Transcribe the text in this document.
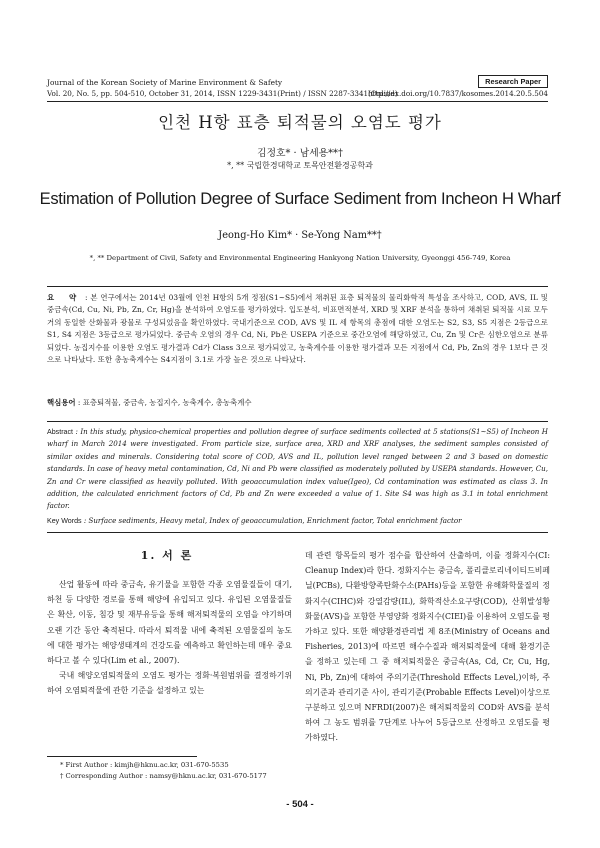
Journal of the Korean Society of Marine Environment & Safety
Vol. 20, No. 5, pp. 504-510, October 31, 2014, ISSN 1229-3431(Print) / ISSN 2287-3341(Online)
http://dx.doi.org/10.7837/kosomes.2014.20.5.504
Research Paper
인천 H항 표층 퇴적물의 오염도 평가
김정호* · 남세용**†
*, ** 국립한경대학교 토목안전환경공학과
Estimation of Pollution Degree of Surface Sediment from Incheon H Wharf
Jeong-Ho Kim* · Se-Yong Nam**†
*, ** Department of Civil, Safety and Environmental Engineering Hankyong Nation University, Gyeonggi 456-749, Korea
요 약 : 본 연구에서는 2014년 03월에 인천 H항의 5개 정점(S1~S5)에서 채취된 표층 퇴적물의 물리화학적 특성을 조사하고, COD, AVS, IL 및 중금속(Cd, Cu, Ni, Pb, Zn, Cr, Hg)을 분석하여 오염도를 평가하였다. 입도분석, 비표면적분석, XRD 및 XRF 분석을 통하여 채취된 퇴적물 시료 모두 거의 동일한 산화물과 광물로 구성되었음을 확인하였다. 국내기준으로 COD, AVS 및 IL 세 항목의 총점에 대한 오염도는 S2, S3, S5 지점은 2등급으로 S1, S4 지점은 3등급으로 평가되었다. 중금속 오염의 경우 Cd, Ni, Pb은 USEPA 기준으로 중간오염에 해당하였고, Cu, Zn 및 Cr은 심한오염으로 분류되었다. 농집지수를 이용한 오염도 평가결과 Cd가 Class 3으로 평가되었고, 농축계수를 이용한 평가결과 모든 지점에서 Cd, Pb, Zn의 경우 1보다 큰 것으로 나타났다. 또한 총농축계수는 S4지점이 3.1로 가장 높은 것으로 나타났다.
핵심용어 : 표층퇴적물, 중금속, 농집지수, 농축계수, 총농축계수
Abstract : In this study, physico-chemical properties and pollution degree of surface sediments collected at 5 stations(S1~S5) of Incheon H wharf in March 2014 were investigated. From particle size, surface area, XRD and XRF analyses, the sediment samples consisted of similar oxides and minerals. Considering total score of COD, AVS and IL, pollution level ranged between 2 and 3 based on domestic standards. In case of heavy metal contamination, Cd, Ni and Pb were classified as moderately polluted by USEPA standards. However, Cu, Zn and Cr were classified as heavily polluted. With geoaccumulation index value(Igeo), Cd contamination was estimated as class 3. In addition, the calculated enrichment factors of Cd, Pb and Zn were exceeded a value of 1. Site S4 was high as 3.1 in total enrichment factor.
Key Words : Surface sediments, Heavy metal, Index of geoaccumulation, Enrichment factor, Total enrichment factor
1. 서 론

산업 활동에 따라 중금속, 유기물을 포함한 각종 오염물질들이 대기, 하천 등 다양한 경로를 통해 해양에 유입되고 있다. 유입된 오염물질들은 확산, 이동, 침강 및 재부유등을 통해 해저퇴적물의 오염을 야기하며 오랜 기간 동안 축적된다. 따라서 퇴적물 내에 축적된 오염물질의 농도에 대한 평가는 해양생태계의 건강도를 예측하고 확인하는데 매우 중요하다고 볼 수 있다(Lim et al., 2007).

국내 해양오염퇴적물의 오염도 평가는 정화·복원범위를 결정하기위하여 오염퇴적물에 관한 기준을 설정하고 있는

데 관련 항목들의 평가 점수를 합산하여 산출하며, 이를 정화지수(CI: Cleanup Index)라 한다. 정화지수는 중금속, 폴리클로리네이티드비페닐(PCBs), 다환방향족탄화수소(PAHs)등을 포함한 유해화학물질의 정화지수(CIHC)와 강열감량(IL), 화학적산소요구량(COD), 산휘발성황화물(AVS)을 포함한 부영양화 정화지수(CIEI)를 이용하여 오염도를 평가하고 있다. 또한 해양환경관리법 제 8조(Ministry of Oceans and Fisheries, 2013)에 따르면 해수수질과 해저퇴적물에 대해 환경기준을 정하고 있는데 그 중 해저퇴적물은 중금속(As, Cd, Cr, Cu, Hg, Ni, Pb, Zn)에 대하여 주의기준(Threshold Effects Level,)이하, 주의기준과 관리기준 사이, 관리기준(Probable Effects Level)이상으로 구분하고 있으며 NFRDI(2007)은 해저퇴적물의 COD와 AVS를 분석하여 그 농도 범위를 7단계로 나누어 5등급으로 산정하고 오염도를 평가하였다.

* First Author : kimjh@hknu.ac.kr, 031-670-5535
† Corresponding Author : namsy@hknu.ac.kr, 031-670-5177
- 504 -
